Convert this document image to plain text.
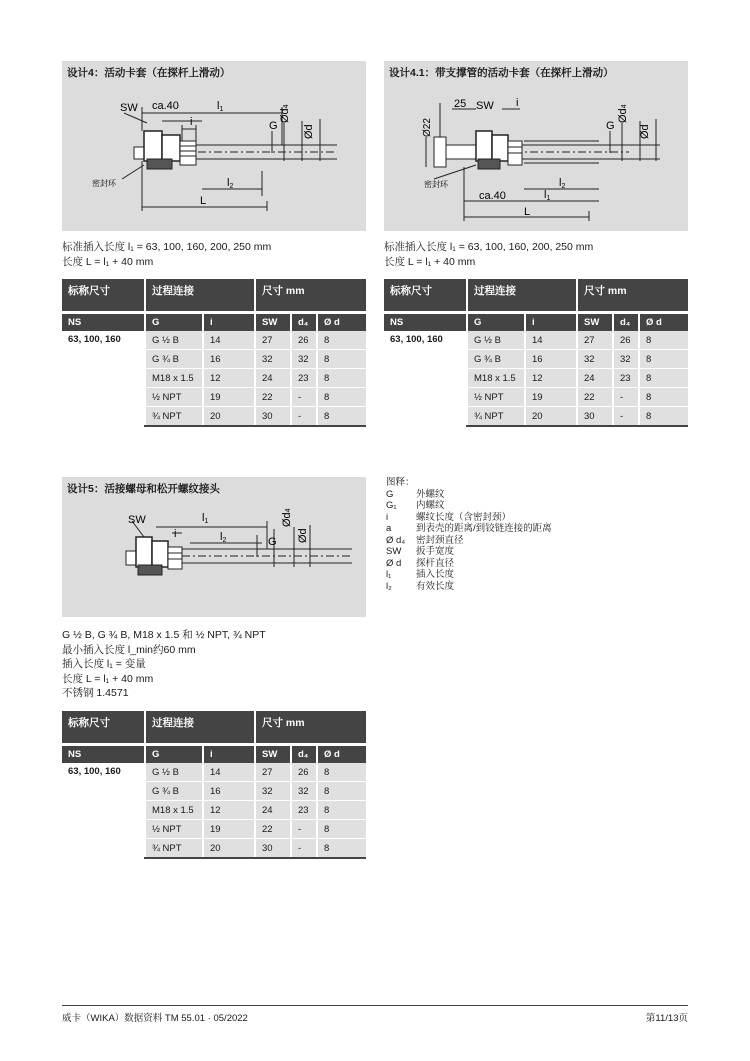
设计4：活动卡套（在探杆上滑动）
SW ca.40	l1
i	G
Ød4
Ød
l2
密封环
L
标准插入长度 l₁ = 63, 100, 160, 200, 250 mm
长度 L = l₁ + 40 mm
设计4.1：带支撑管的活动卡套（在探杆上滑动）
25 SW i
G
Ød4
Ød
Ø22
l2
密封环
l1
ca.40
L
标准插入长度 l₁ = 63, 100, 160, 200, 250 mm
长度 L = l₁ + 40 mm
标称尺寸	过程连接		尺寸 mm		
NS	G	i	SW	d₄	Ø d
63, 100, 160	G ½ B	14	27	26	8
	G ¾ B	16	32	32	8
	M18 x 1.5	12	24	23	8
	½ NPT	19	22	-	8
	¾ NPT	20	30	-	8
标称尺寸	过程连接		尺寸 mm		
NS	G	i	SW	d₄	Ø d
63, 100, 160	G ½ B	14	27	26	8
	G ¾ B	16	32	32	8
	M18 x 1.5	12	24	23	8
	½ NPT	19	22	-	8
	¾ NPT	20	30	-	8
设计5：活接螺母和松开螺纹接头
SW	l1
i	l2	G
Ød4
Ød
G ½ B, G ¾ B, M18 x 1.5 和 ½ NPT, ¾ NPT
最小插入长度 l_min约60 mm
插入长度 l₁ = 变量
长度 L = l₁ + 40 mm
不锈钢 1.4571
标称尺寸	过程连接		尺寸 mm		
NS	G	i	SW	d₄	Ø d
63, 100, 160	G ½ B	14	27	26	8
	G ¾ B	16	32	32	8
	M18 x 1.5	12	24	23	8
	½ NPT	19	22	-	8
	¾ NPT	20	30	-	8
图释：
G 外螺纹
G₁ 内螺纹
i	螺纹长度（含密封颈）
a	到表壳的距离/到铰链连接的距离
Ø d₄ 密封颈直径
SW 扳手宽度
Ø d 探杆直径
l₁	插入长度
l₂	有效长度
威卡（WIKA）数据资料 TM 55.01 · 05/2022	第11/13页
